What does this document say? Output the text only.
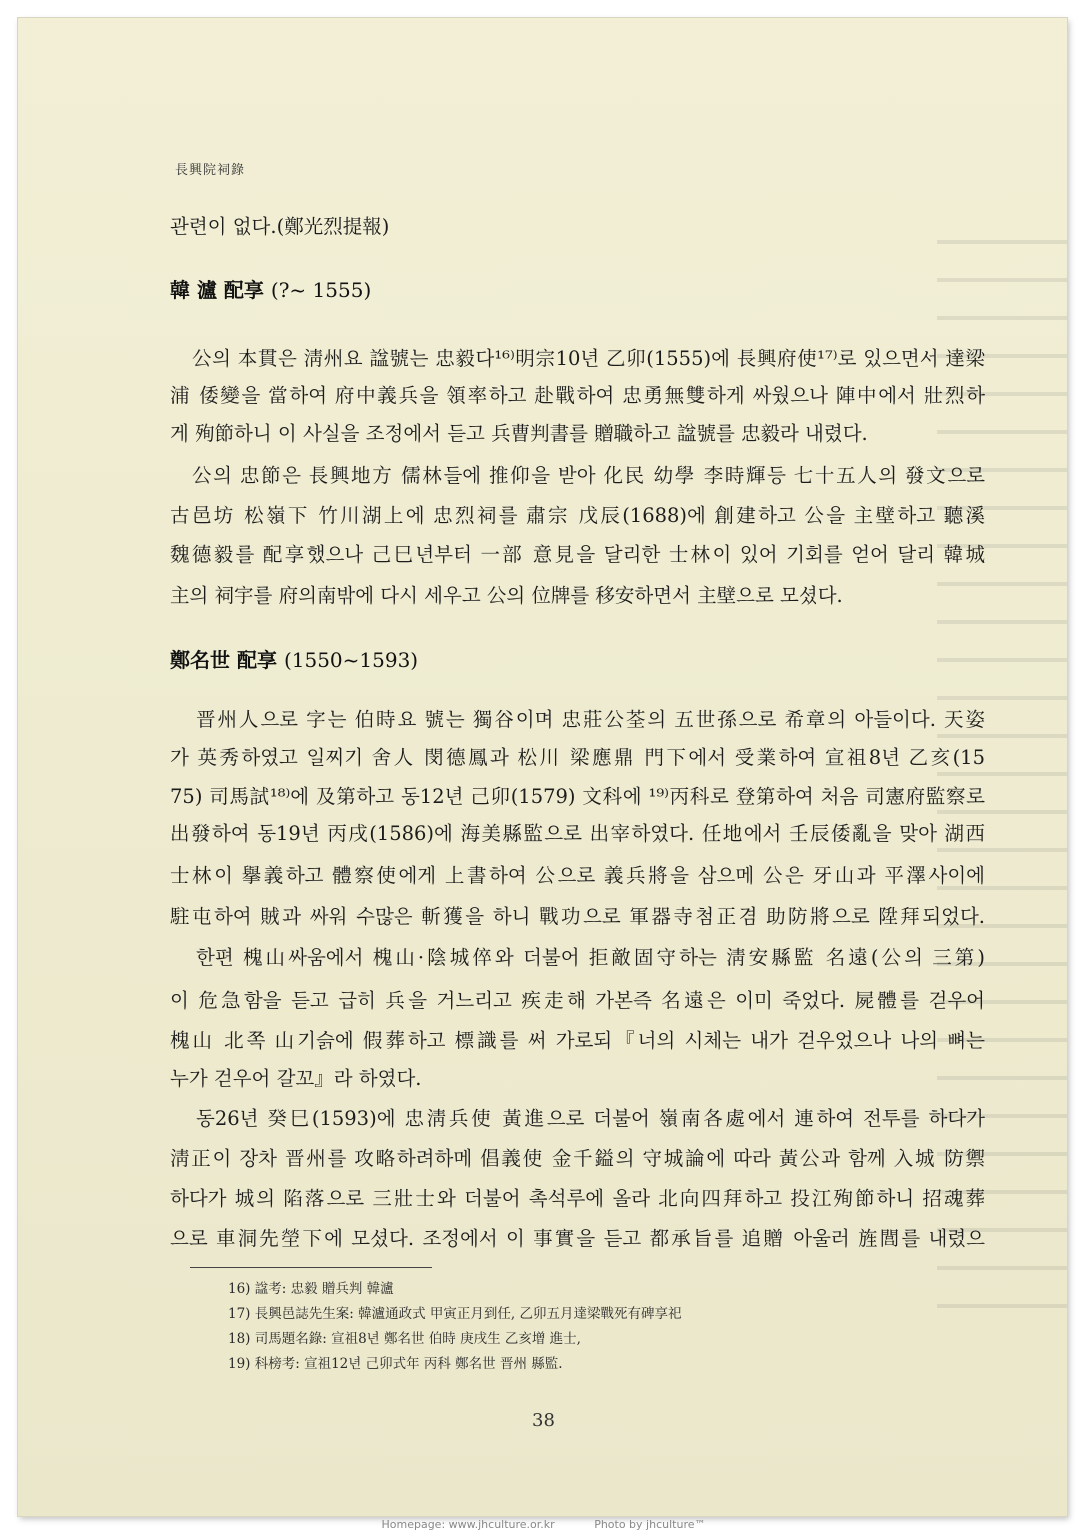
長興院祠錄
관련이 없다.(鄭光烈提報)
韓 瀘 配享 (?~ 1555)
公의 本貫은 淸州요 諡號는 忠毅다¹⁶⁾明宗10년 乙卯(1555)에 長興府使¹⁷⁾로 있으면서 達梁
浦 倭變을 當하여 府中義兵을 領率하고 赴戰하여 忠勇無雙하게 싸웠으나 陣中에서 壯烈하
게 殉節하니 이 사실을 조정에서 듣고 兵曹判書를 贈職하고 諡號를 忠毅라 내렸다.
公의 忠節은 長興地方 儒林들에 推仰을 받아 化民 幼學 李時輝등 七十五人의 發文으로
古邑坊 松嶺下 竹川湖上에 忠烈祠를 肅宗 戊辰(1688)에 創建하고 公을 主壁하고 聽溪
魏德毅를 配享했으나 己巳년부터 一部 意見을 달리한 士林이 있어 기회를 얻어 달리 韓城
主의 祠宇를 府의南밖에 다시 세우고 公의 位牌를 移安하면서 主壁으로 모셨다.
鄭名世 配享 (1550~1593)
晋州人으로 字는 伯時요 號는 獨谷이며 忠莊公荃의 五世孫으로 希章의 아들이다. 天姿
가 英秀하였고 일찌기 舍人 閔德鳳과 松川 梁應鼎 門下에서 受業하여 宣祖8년 乙亥(15
75) 司馬試¹⁸⁾에 及第하고 동12년 己卯(1579) 文科에 ¹⁹⁾丙科로 登第하여 처음 司憲府監察로
出發하여 동19년 丙戌(1586)에 海美縣監으로 出宰하였다. 任地에서 壬辰倭亂을 맞아 湖西
士林이 擧義하고 體察使에게 上書하여 公으로 義兵將을 삼으메 公은 牙山과 平澤사이에
駐屯하여 賊과 싸워 수많은 斬獲을 하니 戰功으로 軍器寺첨正겸 助防將으로 陞拜되었다.
한편 槐山싸움에서 槐山·陰城倅와 더불어 拒敵固守하는 淸安縣監 名遠(公의 三第)
이 危急함을 듣고 급히 兵을 거느리고 疾走해 가본즉 名遠은 이미 죽었다. 屍體를 걷우어
槐山 北쪽 山기슭에 假葬하고 標識를 써 가로되『너의 시체는 내가 걷우었으나 나의 뼈는
누가 걷우어 갈꼬』라 하였다.
동26년 癸巳(1593)에 忠淸兵使 黃進으로 더불어 嶺南各處에서 連하여 전투를 하다가
淸正이 장차 晋州를 攻略하려하메 倡義使 金千鎰의 守城論에 따라 黃公과 함께 入城 防禦
하다가 城의 陷落으로 三壯士와 더불어 촉석루에 올라 北向四拜하고 投江殉節하니 招魂葬
으로 車洞先塋下에 모셨다. 조정에서 이 事實을 듣고 都承旨를 追贈 아울러 旌閭를 내렸으
16) 諡考: 忠毅 贈兵判 韓瀘
17) 長興邑誌先生案: 韓瀘通政式 甲寅正月到任, 乙卯五月達梁戰死有碑享祀
18) 司馬題名錄: 宣祖8년 鄭名世 伯時 庚戌生 乙亥增 進士,
19) 科榜考: 宣祖12년 己卯式年 丙科 鄭名世 晋州 縣監.
38
Homepage: www.jhculture.or.kr	Photo by jhculture™
